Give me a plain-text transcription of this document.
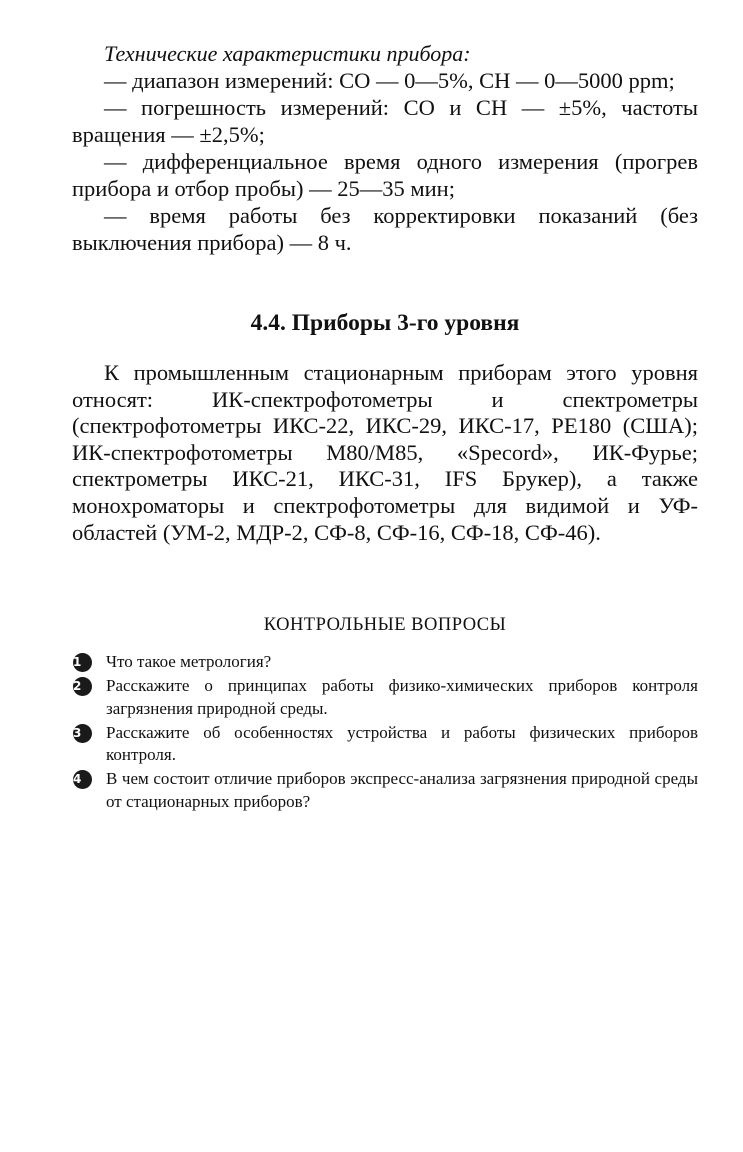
Технические характеристики прибора:

— диапазон измерений: CO — 0—5%, CH — 0—5000 ppm;

— погрешность измерений: CO и CH — ±5%, частоты вращения — ±2,5%;

— дифференциальное время одного измерения (прогрев прибора и отбор пробы) — 25—35 мин;

— время работы без корректировки показаний (без выключения прибора) — 8 ч.

4.4. Приборы 3-го уровня

К промышленным стационарным приборам этого уровня относят: ИК-спектрофотометры и спектрометры (спектрофотометры ИКС-22, ИКС-29, ИКС-17, PE180 (США); ИК-спектрофотометры M80/M85, «Specord», ИК-Фурье; спектрометры ИКС-21, ИКС-31, IFS Брукер), а также монохроматоры и спектрофотометры для видимой и УФ-областей (УМ-2, МДР-2, СФ-8, СФ-16, СФ-18, СФ-46).

КОНТРОЛЬНЫЕ ВОПРОСЫ
1	Что такое метрология?
2	Расскажите о принципах работы физико-химических приборов контроля загрязнения природной среды.
3	Расскажите об особенностях устройства и работы физических приборов контроля.
4	В чем состоит отличие приборов экспресс-анализа загрязнения природной среды от стационарных приборов?
